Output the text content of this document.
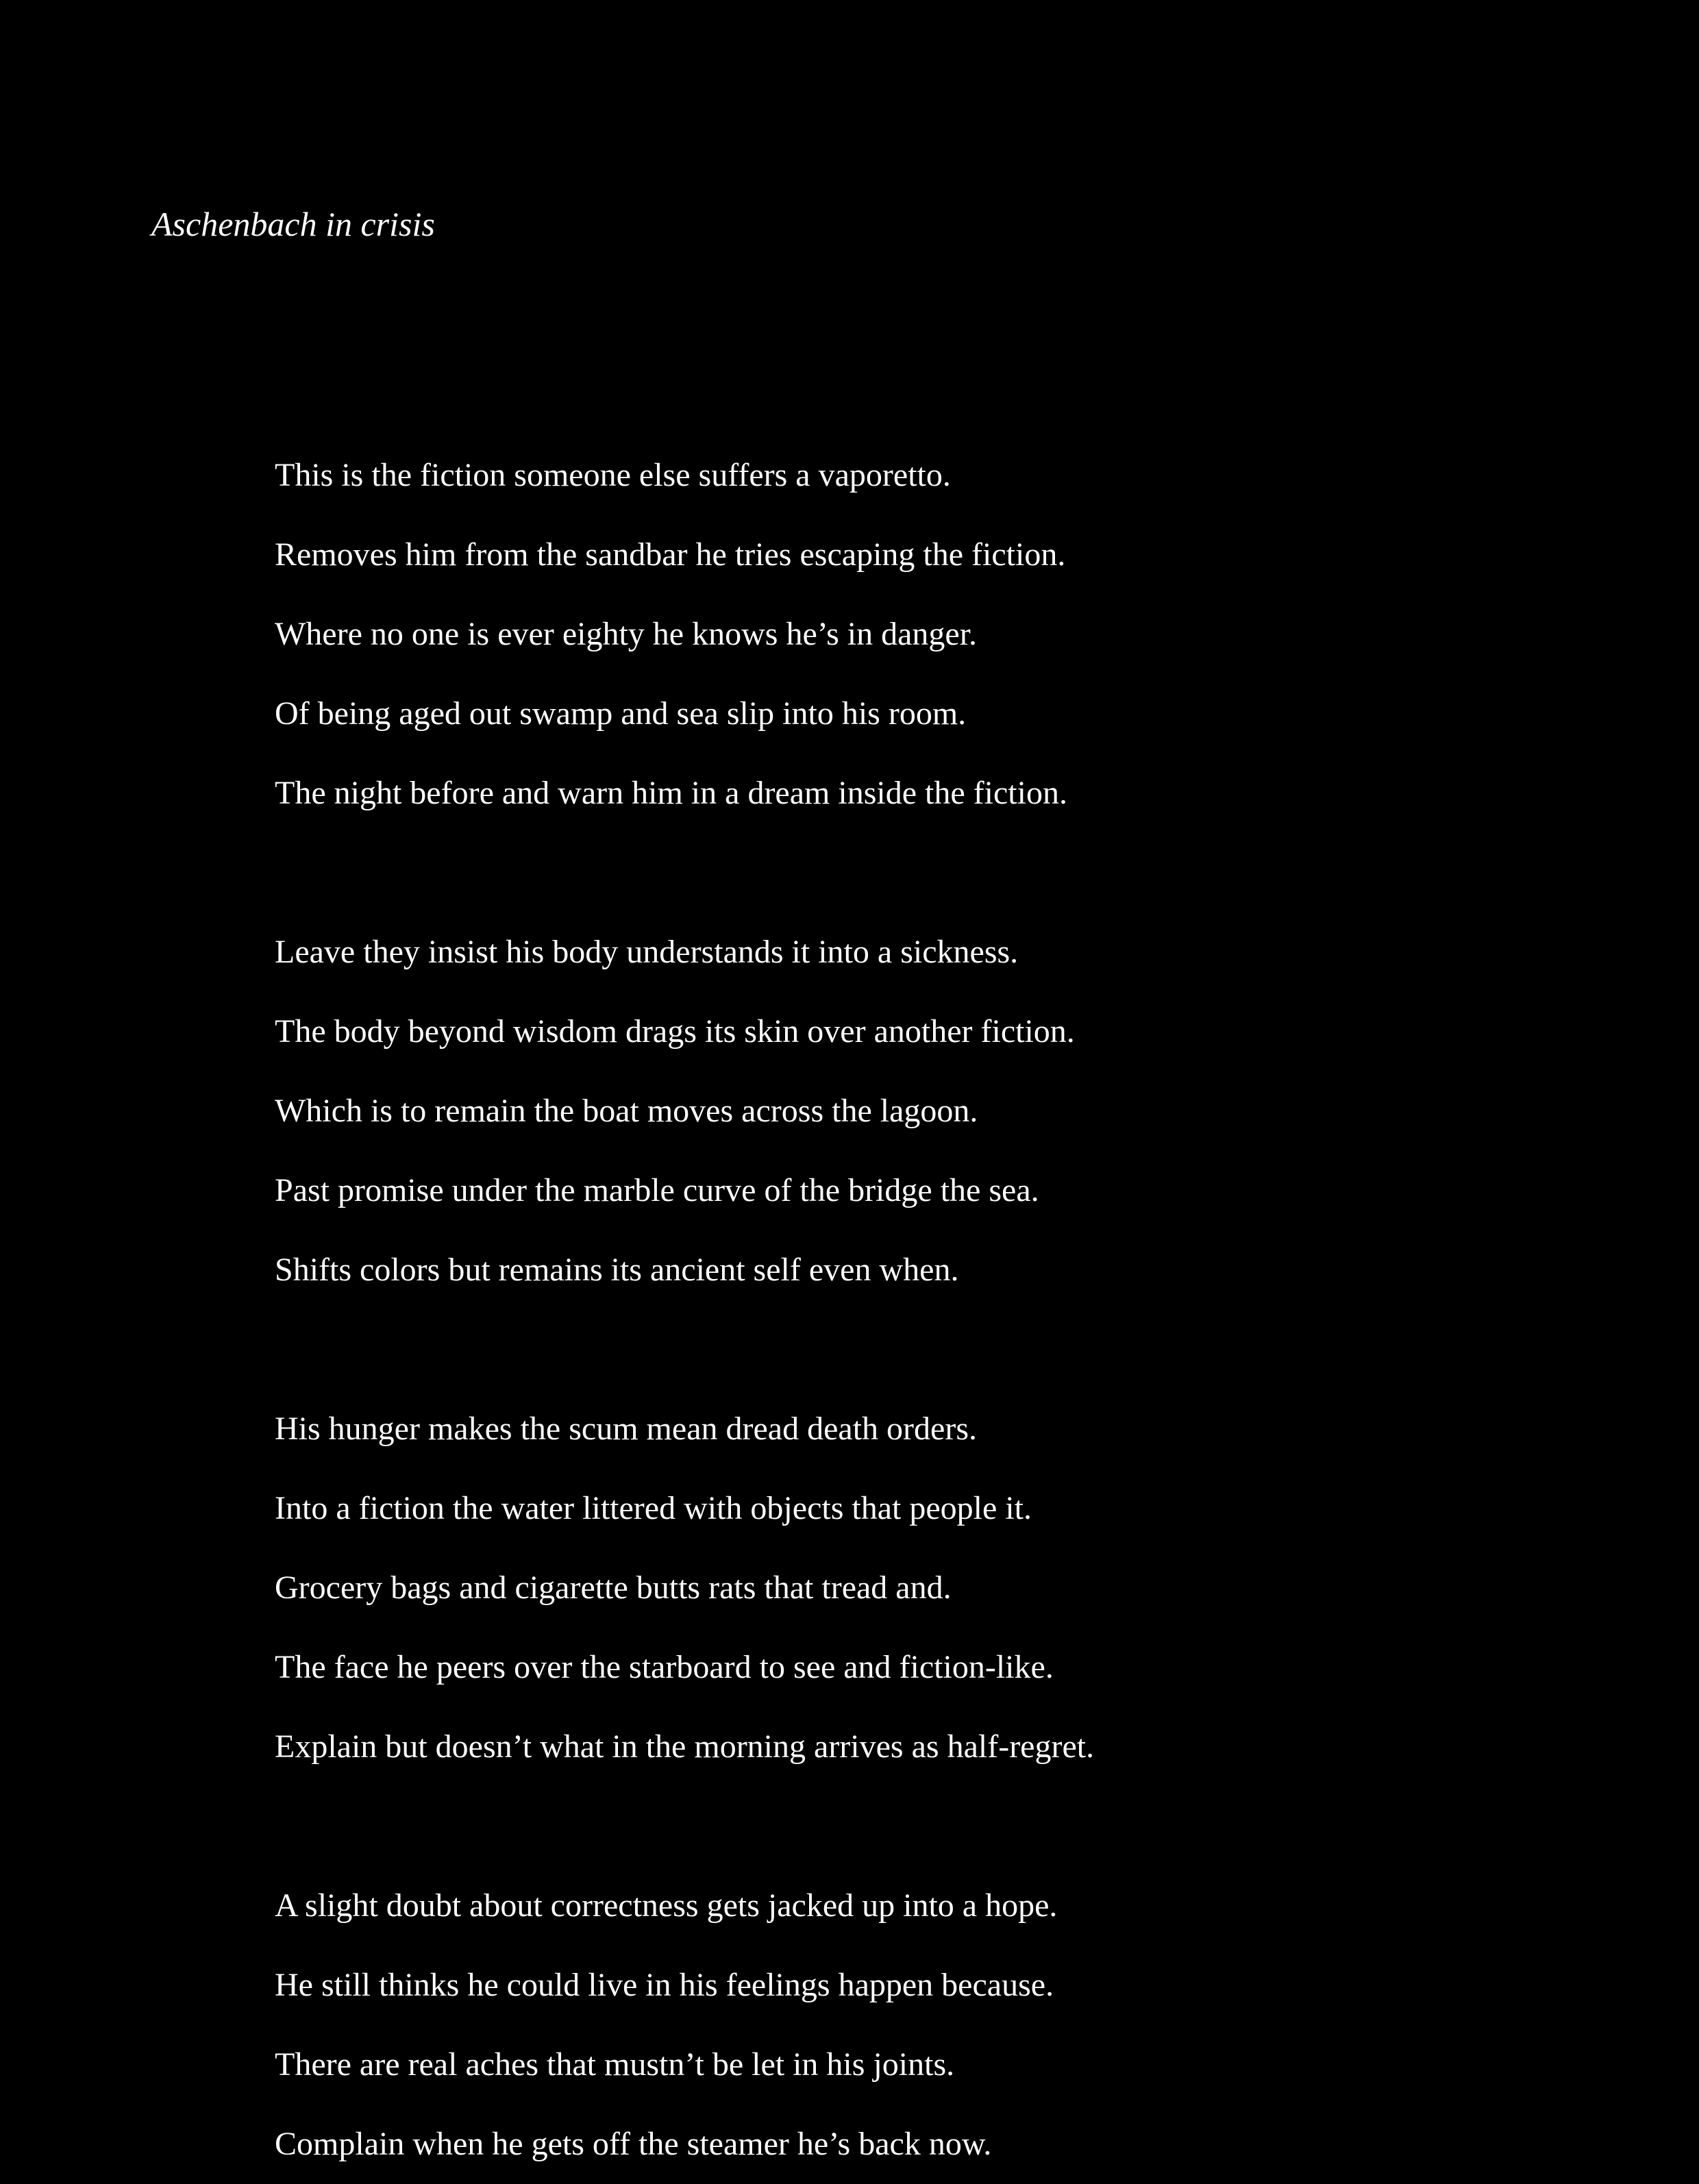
Aschenbach in crisis
This is the fiction someone else suffers a vaporetto.
Removes him from the sandbar he tries escaping the fiction.
Where no one is ever eighty he knows he’s in danger.
Of being aged out swamp and sea slip into his room.
The night before and warn him in a dream inside the fiction.
Leave they insist his body understands it into a sickness.
The body beyond wisdom drags its skin over another fiction.
Which is to remain the boat moves across the lagoon.
Past promise under the marble curve of the bridge the sea.
Shifts colors but remains its ancient self even when.
His hunger makes the scum mean dread death orders.
Into a fiction the water littered with objects that people it.
Grocery bags and cigarette butts rats that tread and.
The face he peers over the starboard to see and fiction-like.
Explain but doesn’t what in the morning arrives as half-regret.
A slight doubt about correctness gets jacked up into a hope.
He still thinks he could live in his feelings happen because.
There are real aches that mustn’t be let in his joints.
Complain when he gets off the steamer he’s back now.
